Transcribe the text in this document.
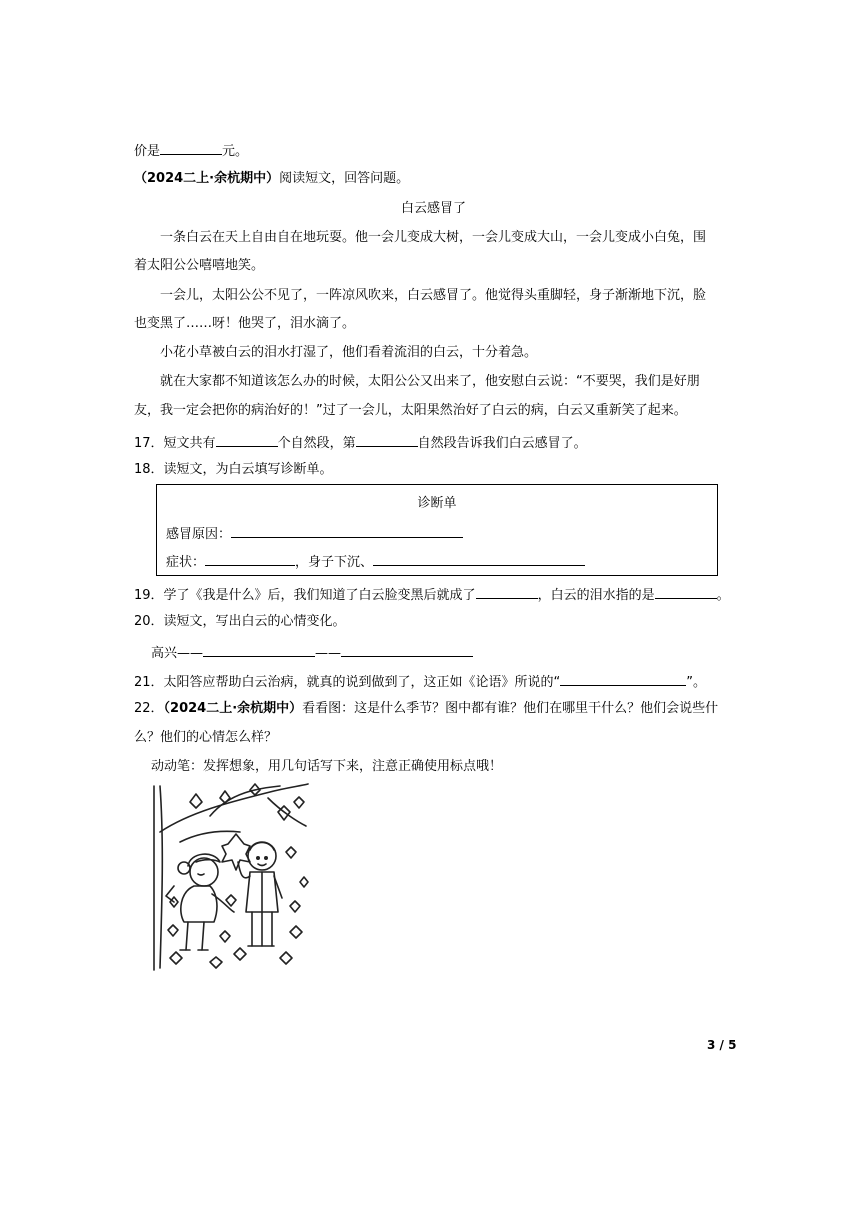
价是	元。
（2024二上·余杭期中）阅读短文，回答问题。
白云感冒了
一条白云在天上自由自在地玩耍。他一会儿变成大树，一会儿变成大山，一会儿变成小白兔，围
着太阳公公嘻嘻地笑。
一会儿，太阳公公不见了，一阵凉风吹来，白云感冒了。他觉得头重脚轻，身子渐渐地下沉，脸
也变黑了……呀！他哭了，泪水滴了。
小花小草被白云的泪水打湿了，他们看着流泪的白云，十分着急。
就在大家都不知道该怎么办的时候，太阳公公又出来了，他安慰白云说：“不要哭，我们是好朋
友，我一定会把你的病治好的！”过了一会儿，太阳果然治好了白云的病，白云又重新笑了起来。
17．短文共有	个自然段，第	自然段告诉我们白云感冒了。
18．读短文，为白云填写诊断单。
诊断单
感冒原因：
症状：	，身子下沉、
19．学了《我是什么》后，我们知道了白云脸变黑后就成了	，白云的泪水指的是	。
20．读短文，写出白云的心情变化。
高兴——	——
21．太阳答应帮助白云治病，就真的说到做到了，这正如《论语》所说的“	”。
22．（2024二上·余杭期中）看看图：这是什么季节？图中都有谁？他们在哪里干什么？他们会说些什
么？他们的心情怎么样？
动动笔：发挥想象，用几句话写下来，注意正确使用标点哦！
3 / 5
